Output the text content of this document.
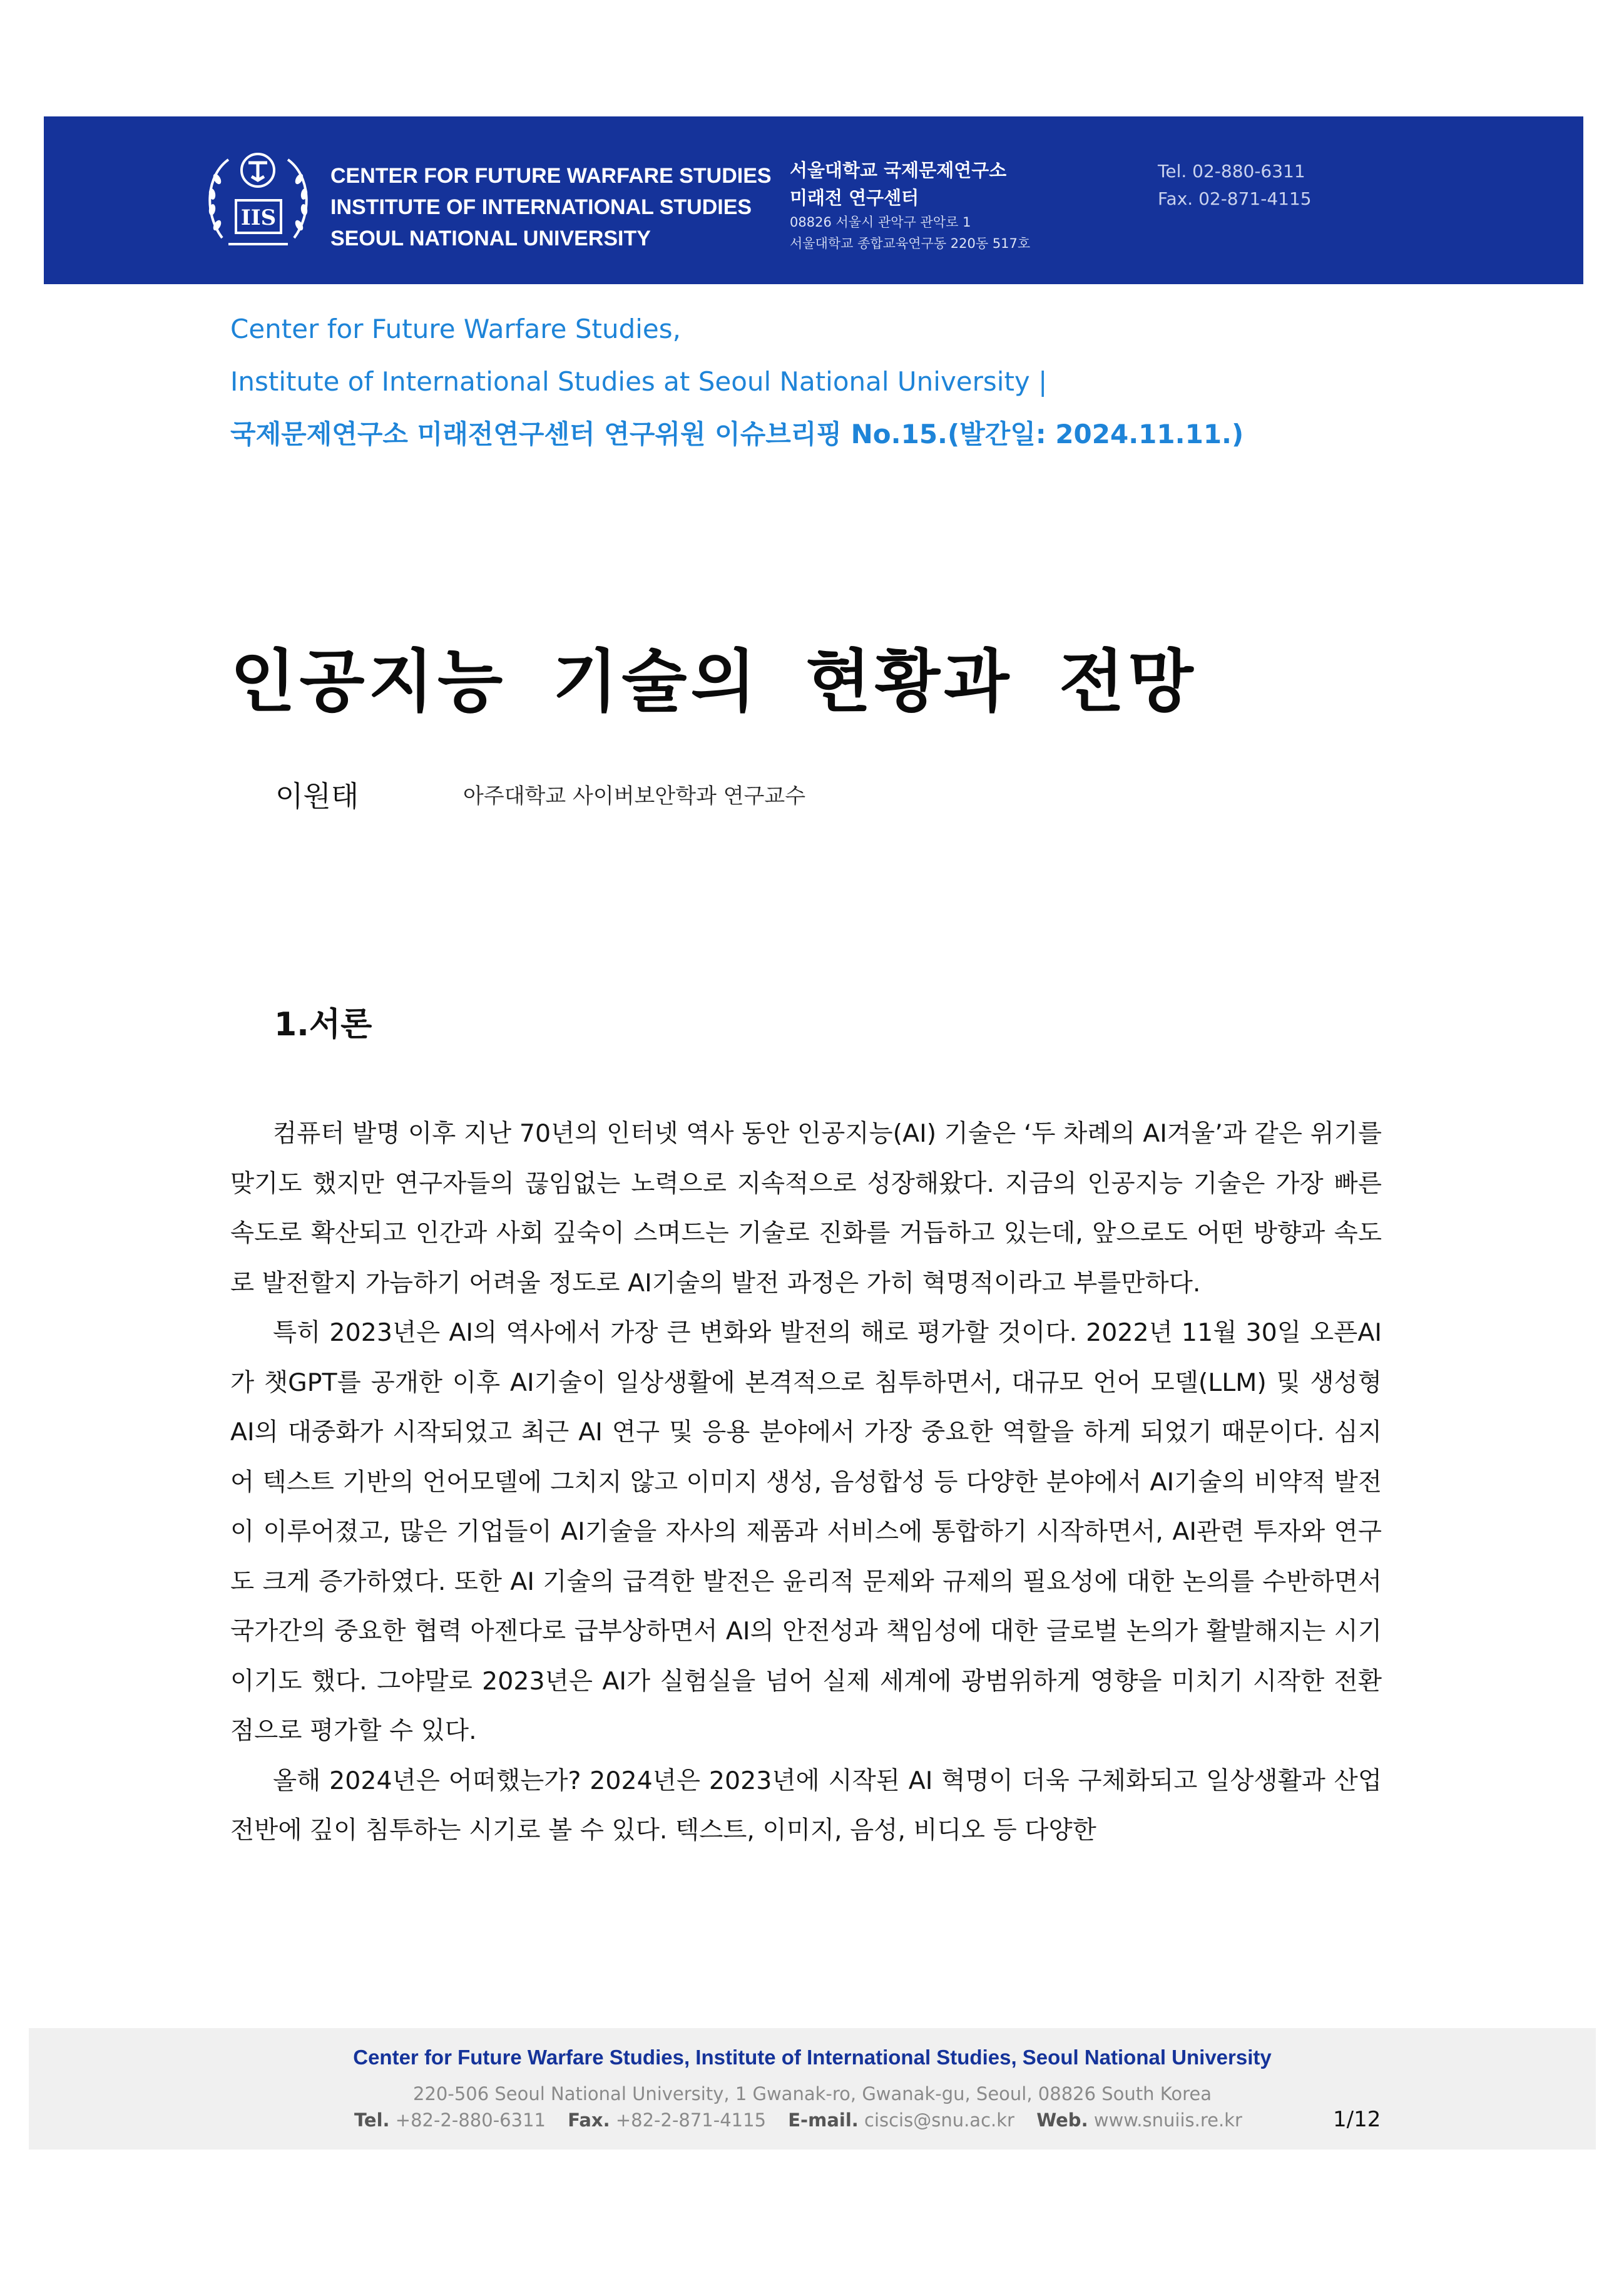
IIS
CENTER FOR FUTURE WARFARE STUDIES
INSTITUTE OF INTERNATIONAL STUDIES
SEOUL NATIONAL UNIVERSITY
서울대학교 국제문제연구소
미래전 연구센터
08826 서울시 관악구 관악로 1
서울대학교 종합교육연구동 220동 517호
Tel. 02-880-6311
Fax. 02-871-4115
Center for Future Warfare Studies,
Institute of International Studies at Seoul National University |
국제문제연구소 미래전연구센터 연구위원 이슈브리핑 No.15.(발간일: 2024.11.11.)
인공지능 기술의 현황과 전망
이원태	아주대학교 사이버보안학과 연구교수
1.서론

컴퓨터 발명 이후 지난 70년의 인터넷 역사 동안 인공지능(AI) 기술은 ‘두 차례의 AI겨울’과 같은 위기를 맞기도 했지만 연구자들의 끊임없는 노력으로 지속적으로 성장해왔다. 지금의 인공지능 기술은 가장 빠른 속도로 확산되고 인간과 사회 깊숙이 스며드는 기술로 진화를 거듭하고 있는데, 앞으로도 어떤 방향과 속도로 발전할지 가늠하기 어려울 정도로 AI기술의 발전 과정은 가히 혁명적이라고 부를만하다.

특히 2023년은 AI의 역사에서 가장 큰 변화와 발전의 해로 평가할 것이다. 2022년 11월 30일 오픈AI가 챗GPT를 공개한 이후 AI기술이 일상생활에 본격적으로 침투하면서, 대규모 언어 모델(LLM) 및 생성형 AI의 대중화가 시작되었고 최근 AI 연구 및 응용 분야에서 가장 중요한 역할을 하게 되었기 때문이다. 심지어 텍스트 기반의 언어모델에 그치지 않고 이미지 생성, 음성합성 등 다양한 분야에서 AI기술의 비약적 발전이 이루어졌고, 많은 기업들이 AI기술을 자사의 제품과 서비스에 통합하기 시작하면서, AI관련 투자와 연구도 크게 증가하였다. 또한 AI 기술의 급격한 발전은 윤리적 문제와 규제의 필요성에 대한 논의를 수반하면서 국가간의 중요한 협력 아젠다로 급부상하면서 AI의 안전성과 책임성에 대한 글로벌 논의가 활발해지는 시기이기도 했다. 그야말로 2023년은 AI가 실험실을 넘어 실제 세계에 광범위하게 영향을 미치기 시작한 전환점으로 평가할 수 있다.

올해 2024년은 어떠했는가? 2024년은 2023년에 시작된 AI 혁명이 더욱 구체화되고 일상생활과 산업 전반에 깊이 침투하는 시기로 볼 수 있다. 텍스트, 이미지, 음성, 비디오 등 다양한

Center for Future Warfare Studies, Institute of International Studies, Seoul National University
220-506 Seoul National University, 1 Gwanak-ro, Gwanak-gu, Seoul, 08826 South Korea
Tel. +82-2-880-6311 Fax. +82-2-871-4115 E-mail. ciscis@snu.ac.kr Web. www.snuiis.re.kr	1/12
